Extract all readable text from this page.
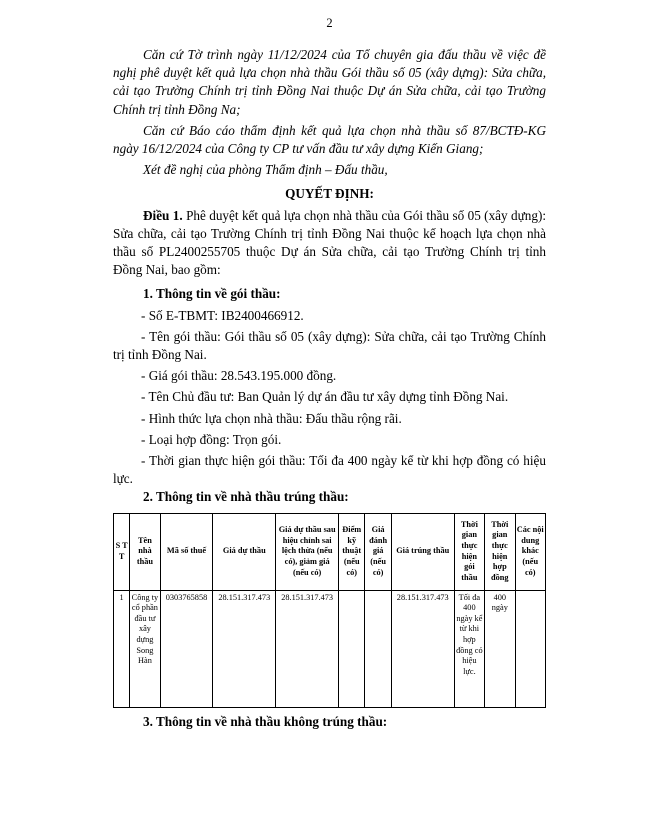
2

Căn cứ Tờ trình ngày 11/12/2024 của Tổ chuyên gia đấu thầu về việc đề nghị phê duyệt kết quả lựa chọn nhà thầu Gói thầu số 05 (xây dựng): Sửa chữa, cải tạo Trường Chính trị tỉnh Đồng Nai thuộc Dự án Sửa chữa, cải tạo Trường Chính trị tỉnh Đồng Na;

Căn cứ Báo cáo thẩm định kết quả lựa chọn nhà thầu số 87/BCTĐ-KG ngày 16/12/2024 của Công ty CP tư vấn đầu tư xây dựng Kiến Giang;

Xét đề nghị của phòng Thẩm định – Đấu thầu,

QUYẾT ĐỊNH:

Điều 1. Phê duyệt kết quả lựa chọn nhà thầu của Gói thầu số 05 (xây dựng): Sửa chữa, cải tạo Trường Chính trị tỉnh Đồng Nai thuộc kế hoạch lựa chọn nhà thầu số PL2400255705 thuộc Dự án Sửa chữa, cải tạo Trường Chính trị tỉnh Đồng Nai, bao gồm:

1. Thông tin về gói thầu:

- Số E-TBMT: IB2400466912.

- Tên gói thầu: Gói thầu số 05 (xây dựng): Sửa chữa, cải tạo Trường Chính trị tỉnh Đồng Nai.

- Giá gói thầu: 28.543.195.000 đồng.

- Tên Chủ đầu tư: Ban Quản lý dự án đầu tư xây dựng tỉnh Đồng Nai.

- Hình thức lựa chọn nhà thầu: Đấu thầu rộng rãi.

- Loại hợp đồng: Trọn gói.

- Thời gian thực hiện gói thầu: Tối đa 400 ngày kể từ khi hợp đồng có hiệu lực.

2. Thông tin về nhà thầu trúng thầu:

S T T	Tên nhà thầu	Mã số thuế	Giá dự thầu	Giá dự thầu sau hiệu chỉnh sai lệch thừa (nếu có), giảm giá (nếu có)	Điểm kỹ thuật (nếu có)	Giá đánh giá (nếu có)	Giá trúng thầu	Thời gian thực hiện gói thầu	Thời gian thực hiện hợp đồng	Các nội dung khác (nếu có)
1	Công ty cổ phần đầu tư xây dựng Song Hàn	0303765858	28.151.317.473	28.151.317.473			28.151.317.473	Tối đa 400 ngày kể từ khi hợp đồng có hiệu lực.	400 ngày	

3. Thông tin về nhà thầu không trúng thầu:
